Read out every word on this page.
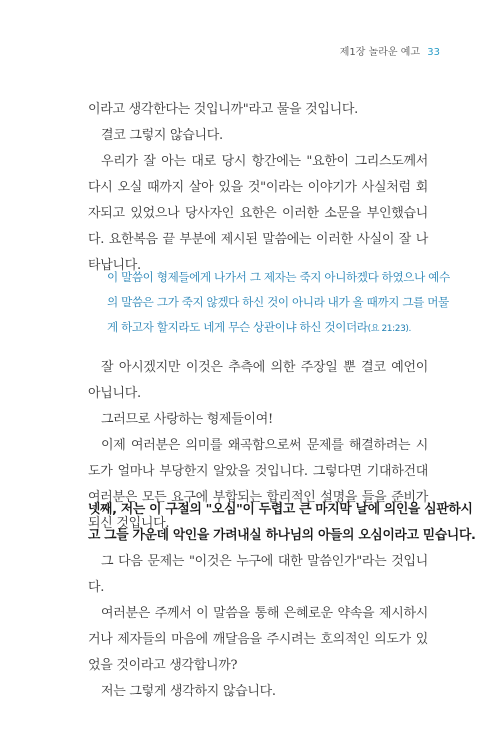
제1장 놀라운 예고 33

이라고 생각한다는 것입니까"라고 물을 것입니다.

결코 그렇지 않습니다.

우리가 잘 아는 대로 당시 항간에는 "요한이 그리스도께서 다시 오실 때까지 살아 있을 것"이라는 이야기가 사실처럼 회자되고 있었으나 당사자인 요한은 이러한 소문을 부인했습니다. 요한복음 끝 부분에 제시된 말씀에는 이러한 사실이 잘 나타납니다.

이 말씀이 형제들에게 나가서 그 제자는 죽지 아니하겠다 하였으나 예수

의 말씀은 그가 죽지 않겠다 하신 것이 아니라 내가 올 때까지 그를 머물

게 하고자 할지라도 네게 무슨 상관이냐 하신 것이더라(요 21:23).

잘 아시겠지만 이것은 추측에 의한 주장일 뿐 결코 예언이 아닙니다.

그러므로 사랑하는 형제들이여!

이제 여러분은 의미를 왜곡함으로써 문제를 해결하려는 시도가 얼마나 부당한지 알았을 것입니다. 그렇다면 기대하건대 여러분은 모든 요구에 부합되는 합리적인 설명을 들을 준비가 되신 것입니다.

넷째, 저는 이 구절의 "오심"이 두렵고 큰 마지막 날에 의인을 심판하시

고 그들 가운데 악인을 가려내실 하나님의 아들의 오심이라고 믿습니다.

그 다음 문제는 "이것은 누구에 대한 말씀인가"라는 것입니다.

여러분은 주께서 이 말씀을 통해 은혜로운 약속을 제시하시거나 제자들의 마음에 깨달음을 주시려는 호의적인 의도가 있었을 것이라고 생각합니까?

저는 그렇게 생각하지 않습니다.
